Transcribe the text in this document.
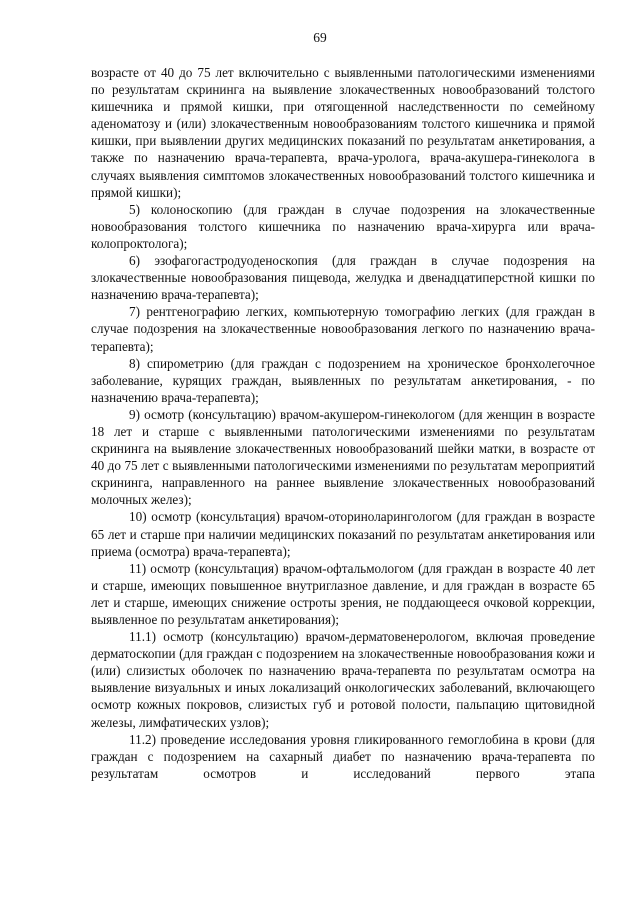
69

возрасте от 40 до 75 лет включительно с выявленными патологическими изменениями по результатам скрининга на выявление злокачественных новообразований толстого кишечника и прямой кишки, при отягощенной наследственности по семейному аденоматозу и (или) злокачественным новообразованиям толстого кишечника и прямой кишки, при выявлении других медицинских показаний по результатам анкетирования, а также по назначению врача-терапевта, врача-уролога, врача-акушера-гинеколога в случаях выявления симптомов злокачественных новообразований толстого кишечника и прямой кишки);

5) колоноскопию (для граждан в случае подозрения на злокачественные новообразования толстого кишечника по назначению врача-хирурга или врача-колопроктолога);

6) эзофагогастродуоденоскопия (для граждан в случае подозрения на злокачественные новообразования пищевода, желудка и двенадцатиперстной кишки по назначению врача-терапевта);

7) рентгенографию легких, компьютерную томографию легких (для граждан в случае подозрения на злокачественные новообразования легкого по назначению врача-терапевта);

8) спирометрию (для граждан с подозрением на хроническое бронхолегочное заболевание, курящих граждан, выявленных по результатам анкетирования, - по назначению врача-терапевта);

9) осмотр (консультацию) врачом-акушером-гинекологом (для женщин в возрасте 18 лет и старше с выявленными патологическими изменениями по результатам скрининга на выявление злокачественных новообразований шейки матки, в возрасте от 40 до 75 лет с выявленными патологическими изменениями по результатам мероприятий скрининга, направленного на раннее выявление злокачественных новообразований молочных желез);

10) осмотр (консультация) врачом-оториноларингологом (для граждан в возрасте 65 лет и старше при наличии медицинских показаний по результатам анкетирования или приема (осмотра) врача-терапевта);

11) осмотр (консультация) врачом-офтальмологом (для граждан в возрасте 40 лет и старше, имеющих повышенное внутриглазное давление, и для граждан в возрасте 65 лет и старше, имеющих снижение остроты зрения, не поддающееся очковой коррекции, выявленное по результатам анкетирования);

11.1) осмотр (консультацию) врачом-дерматовенерологом, включая проведение дерматоскопии (для граждан с подозрением на злокачественные новообразования кожи и (или) слизистых оболочек по назначению врача-терапевта по результатам осмотра на выявление визуальных и иных локализаций онкологических заболеваний, включающего осмотр кожных покровов, слизистых губ и ротовой полости, пальпацию щитовидной железы, лимфатических узлов);

11.2) проведение исследования уровня гликированного гемоглобина в крови (для граждан с подозрением на сахарный диабет по назначению врача-терапевта по результатам осмотров и исследований первого этапа
